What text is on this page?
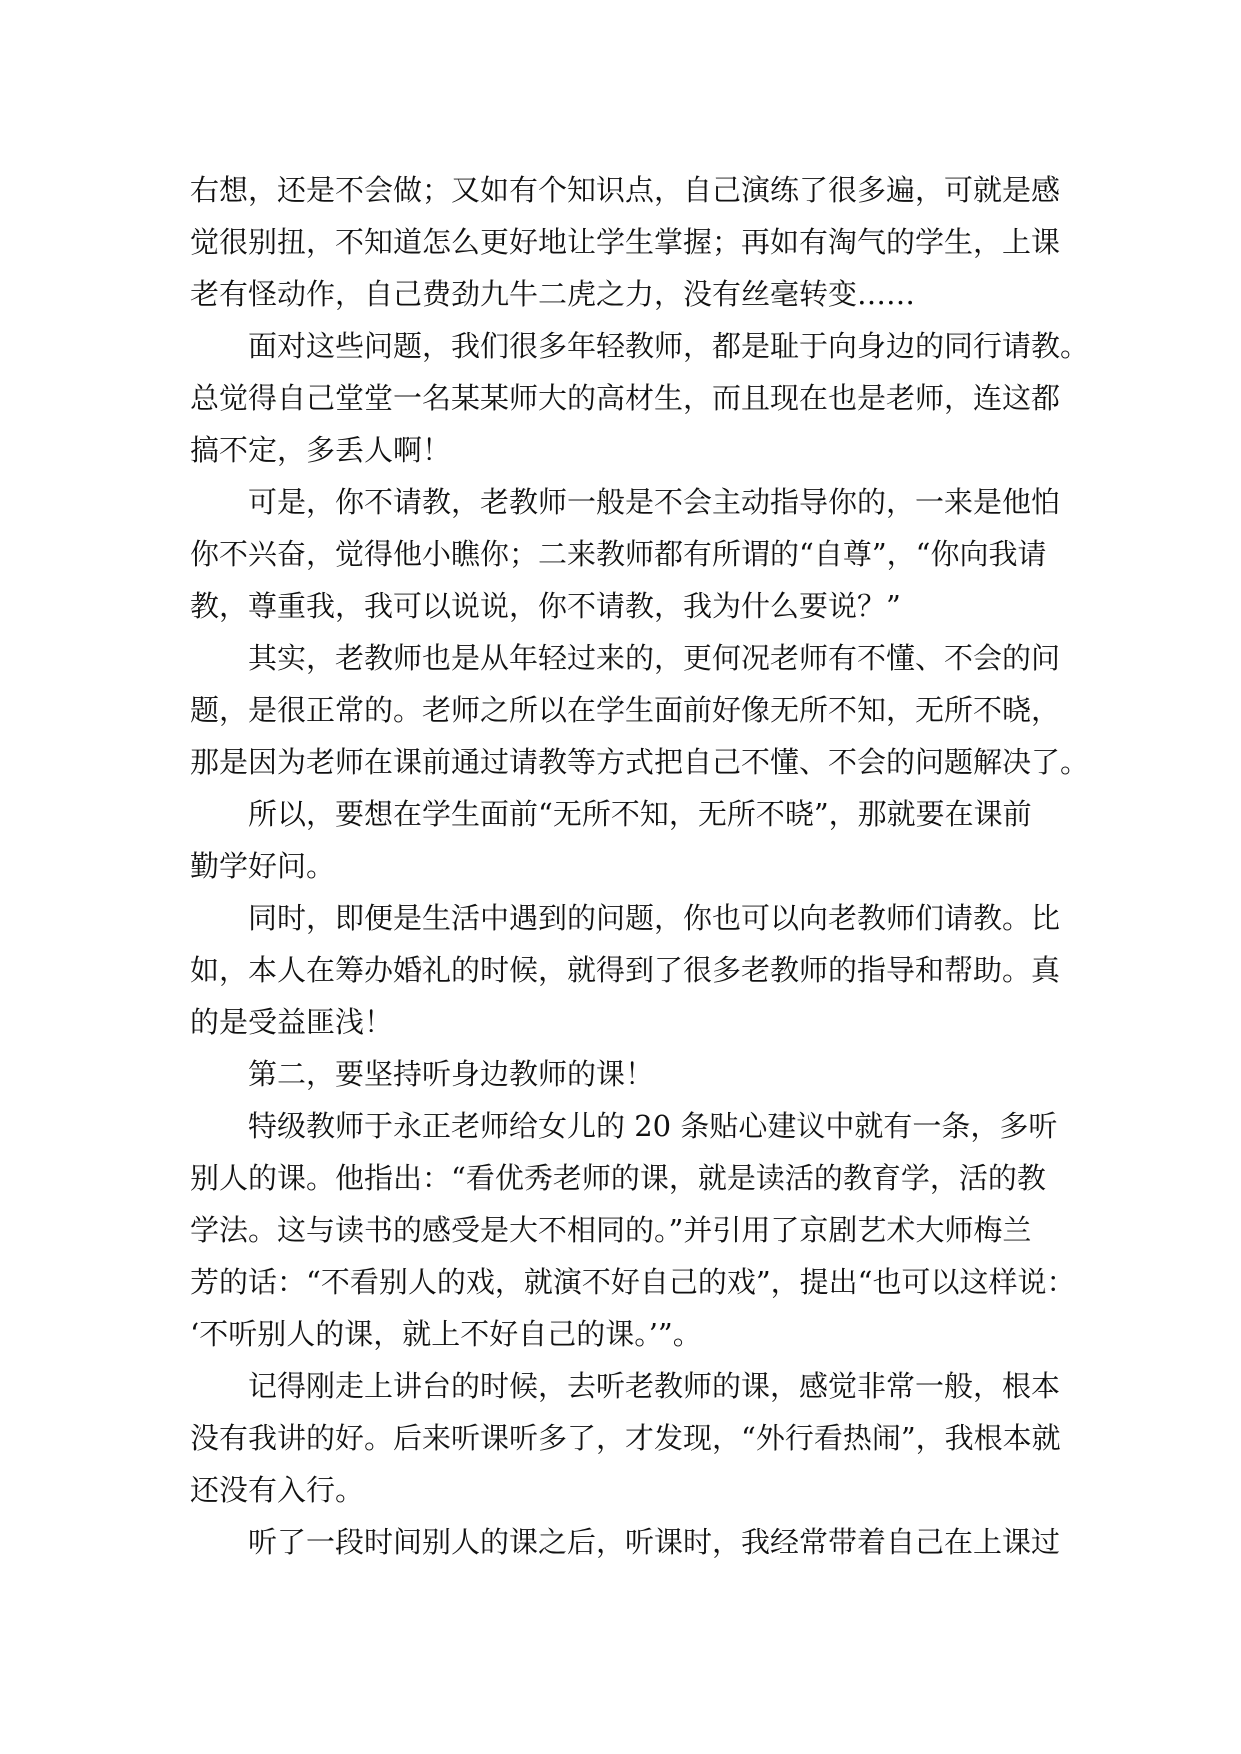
右想，还是不会做；又如有个知识点，自己演练了很多遍，可就是感
觉很别扭，不知道怎么更好地让学生掌握；再如有淘气的学生，上课
老有怪动作，自己费劲九牛二虎之力，没有丝毫转变……
面对这些问题，我们很多年轻教师，都是耻于向身边的同行请教。
总觉得自己堂堂一名某某师大的高材生，而且现在也是老师，连这都
搞不定，多丢人啊！
可是，你不请教，老教师一般是不会主动指导你的，一来是他怕
你不兴奋，觉得他小瞧你；二来教师都有所谓的“自尊”，“你向我请
教，尊重我，我可以说说，你不请教，我为什么要说？”
其实，老教师也是从年轻过来的，更何况老师有不懂、不会的问
题，是很正常的。老师之所以在学生面前好像无所不知，无所不晓，
那是因为老师在课前通过请教等方式把自己不懂、不会的问题解决了。
所以，要想在学生面前“无所不知，无所不晓”，那就要在课前
勤学好问。
同时，即便是生活中遇到的问题，你也可以向老教师们请教。比
如，本人在筹办婚礼的时候，就得到了很多老教师的指导和帮助。真
的是受益匪浅！
第二，要坚持听身边教师的课！
特级教师于永正老师给女儿的 20 条贴心建议中就有一条，多听
别人的课。他指出：“看优秀老师的课，就是读活的教育学，活的教
学法。这与读书的感受是大不相同的。”并引用了京剧艺术大师梅兰
芳的话：“不看别人的戏，就演不好自己的戏”，提出“也可以这样说：
‘不听别人的课，就上不好自己的课。’”。
记得刚走上讲台的时候，去听老教师的课，感觉非常一般，根本
没有我讲的好。后来听课听多了，才发现，“外行看热闹”，我根本就
还没有入行。
听了一段时间别人的课之后，听课时，我经常带着自己在上课过
